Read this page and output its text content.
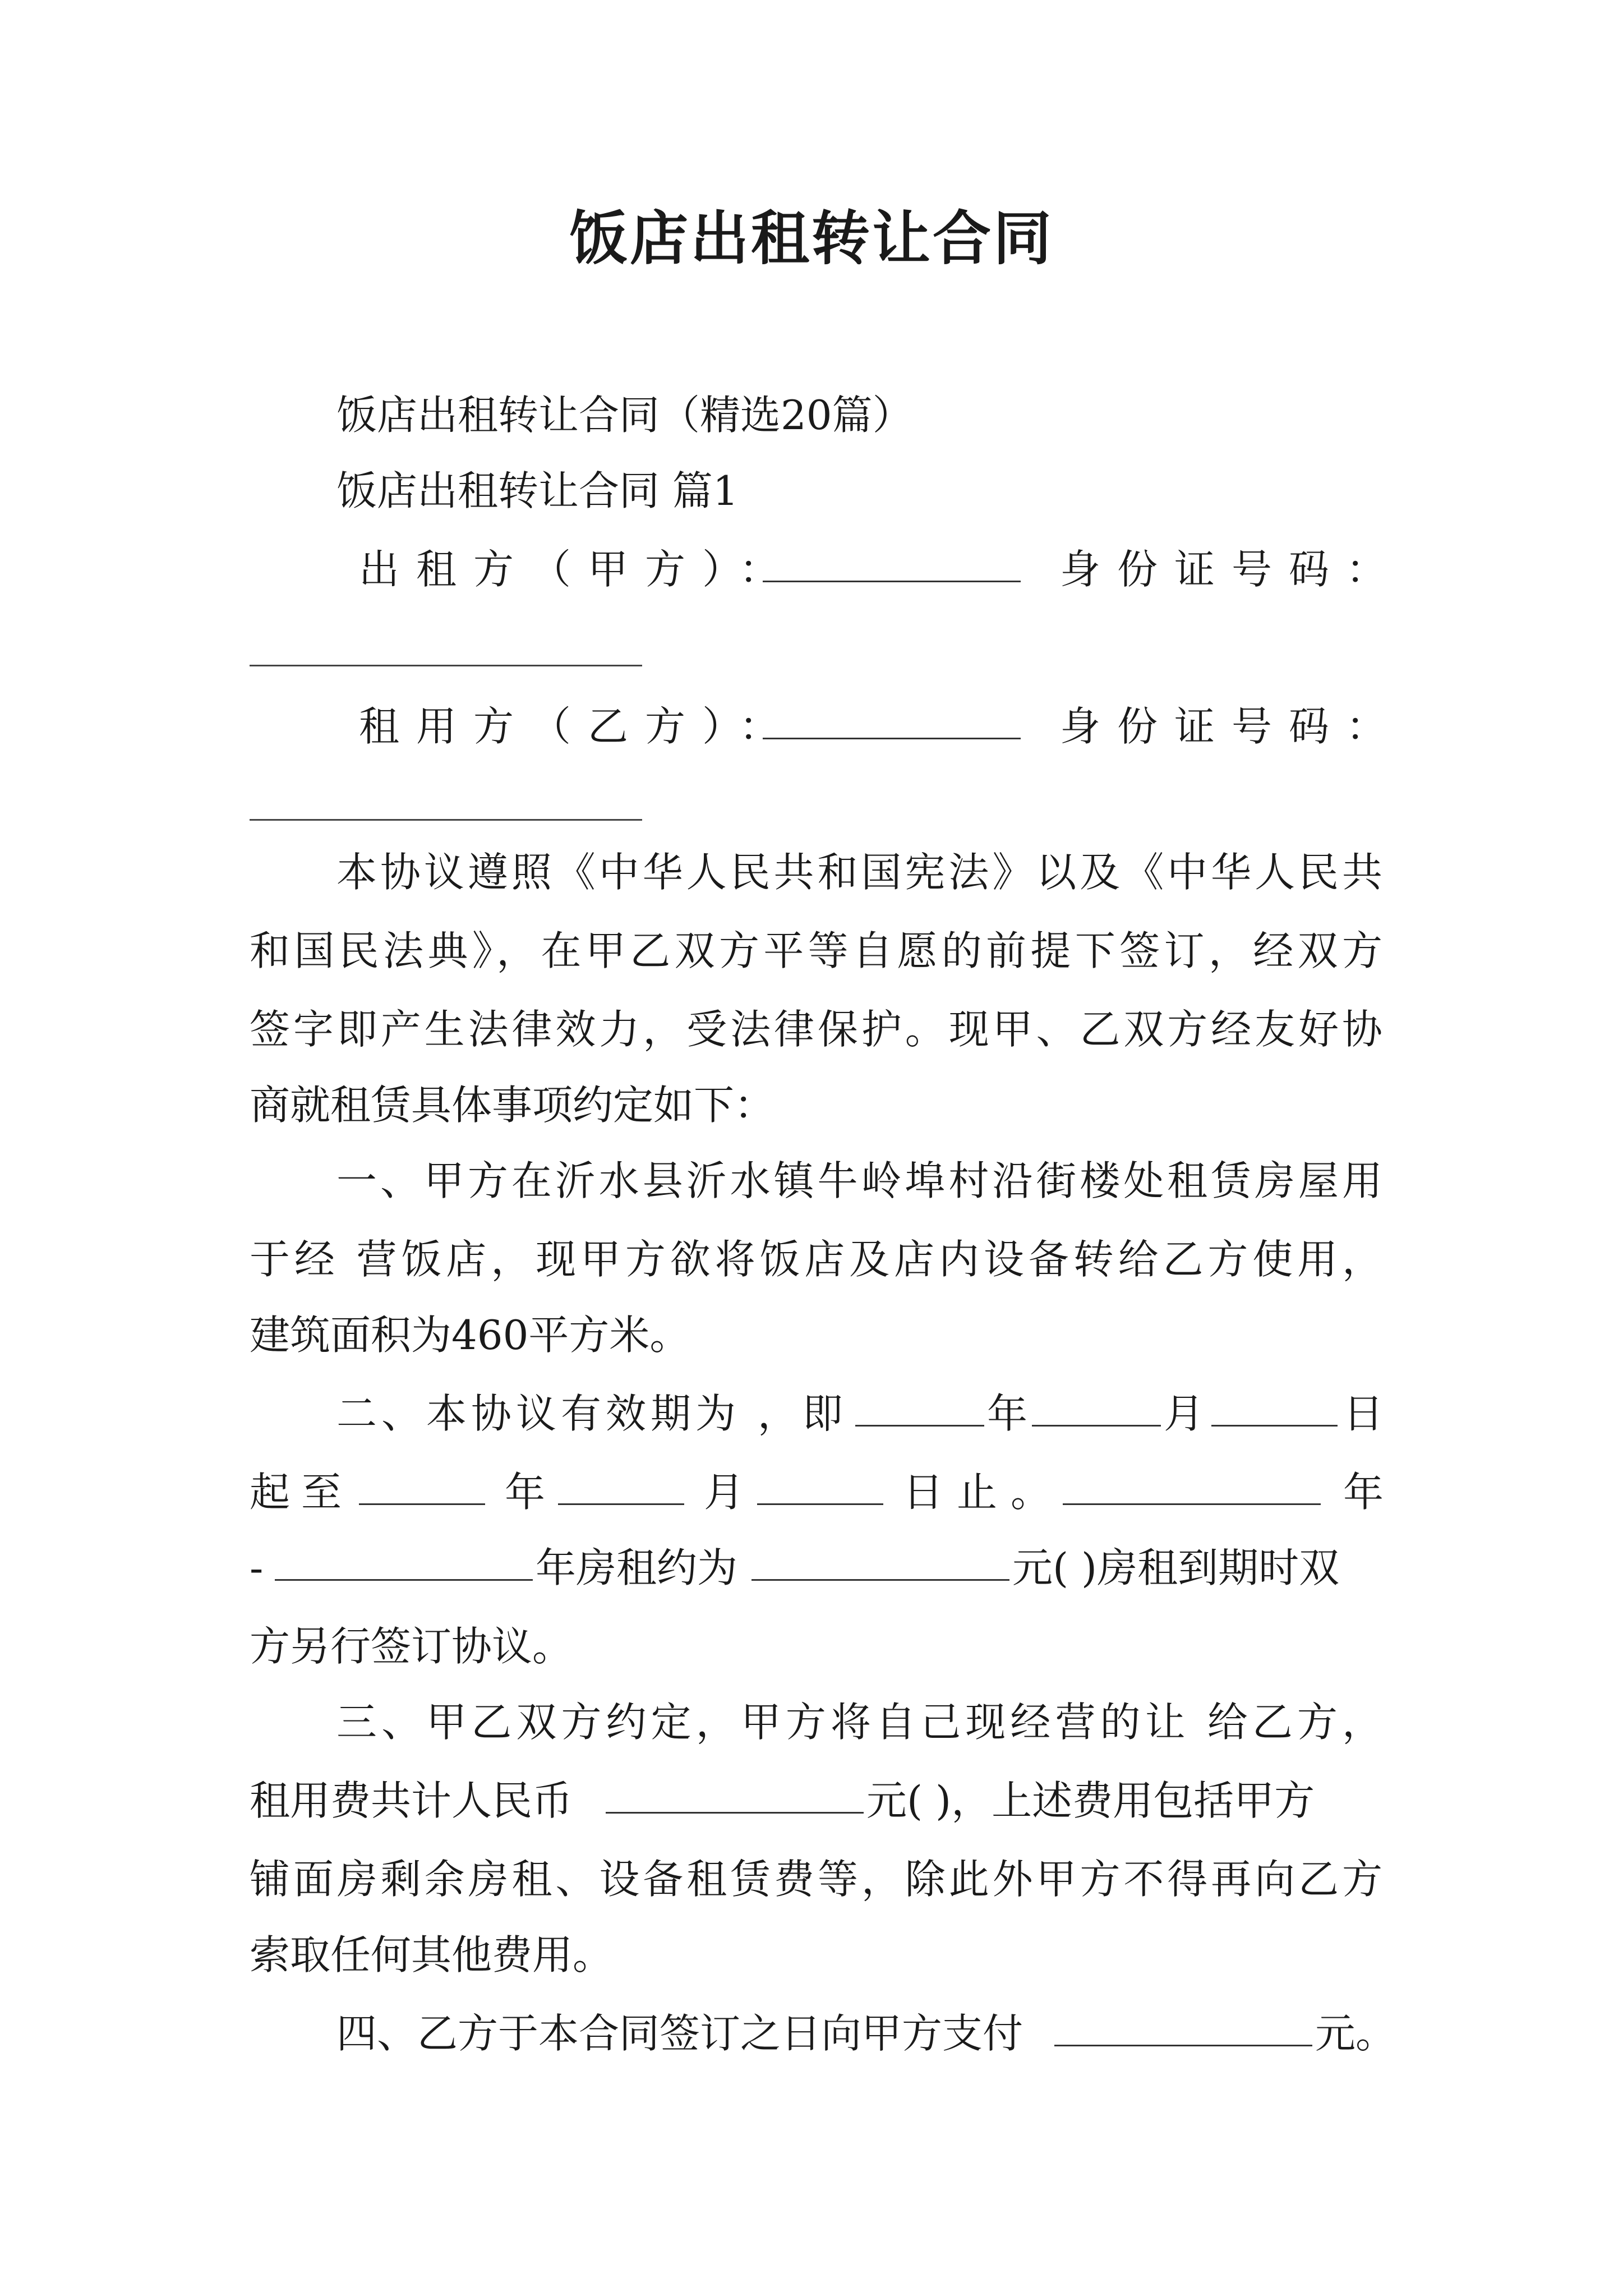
饭店出租转让合同
饭店出租转让合同（精选20篇）
饭店出租转让合同 篇1
出租方（甲方）：	身份证号码：
租用方（乙方）：	身份证号码：
本协议遵照《中华人民共和国宪法》以及《中华人民共
和国民法典》，在甲乙双方平等自愿的前提下签订，经双方
签字即产生法律效力，受法律保护。现甲、乙双方经友好协
商就租赁具体事项约定如下：
一、甲方在沂水县沂水镇牛岭埠村沿街楼处租赁房屋用
于经 营饭店，现甲方欲将饭店及店内设备转给乙方使用，
建筑面积为460平方米。
二、本协议有效期为 ，即	年	月	日
起至	年	月	日止。	年
-	年房租约为	元( )房租到期时双
方另行签订协议。
三、甲乙双方约定，甲方将自己现经营的让 给乙方，
租用费共计人民币	元( )，上述费用包括甲方
铺面房剩余房租、设备租赁费等，除此外甲方不得再向乙方
索取任何其他费用。
四、乙方于本合同签订之日向甲方支付	元。
